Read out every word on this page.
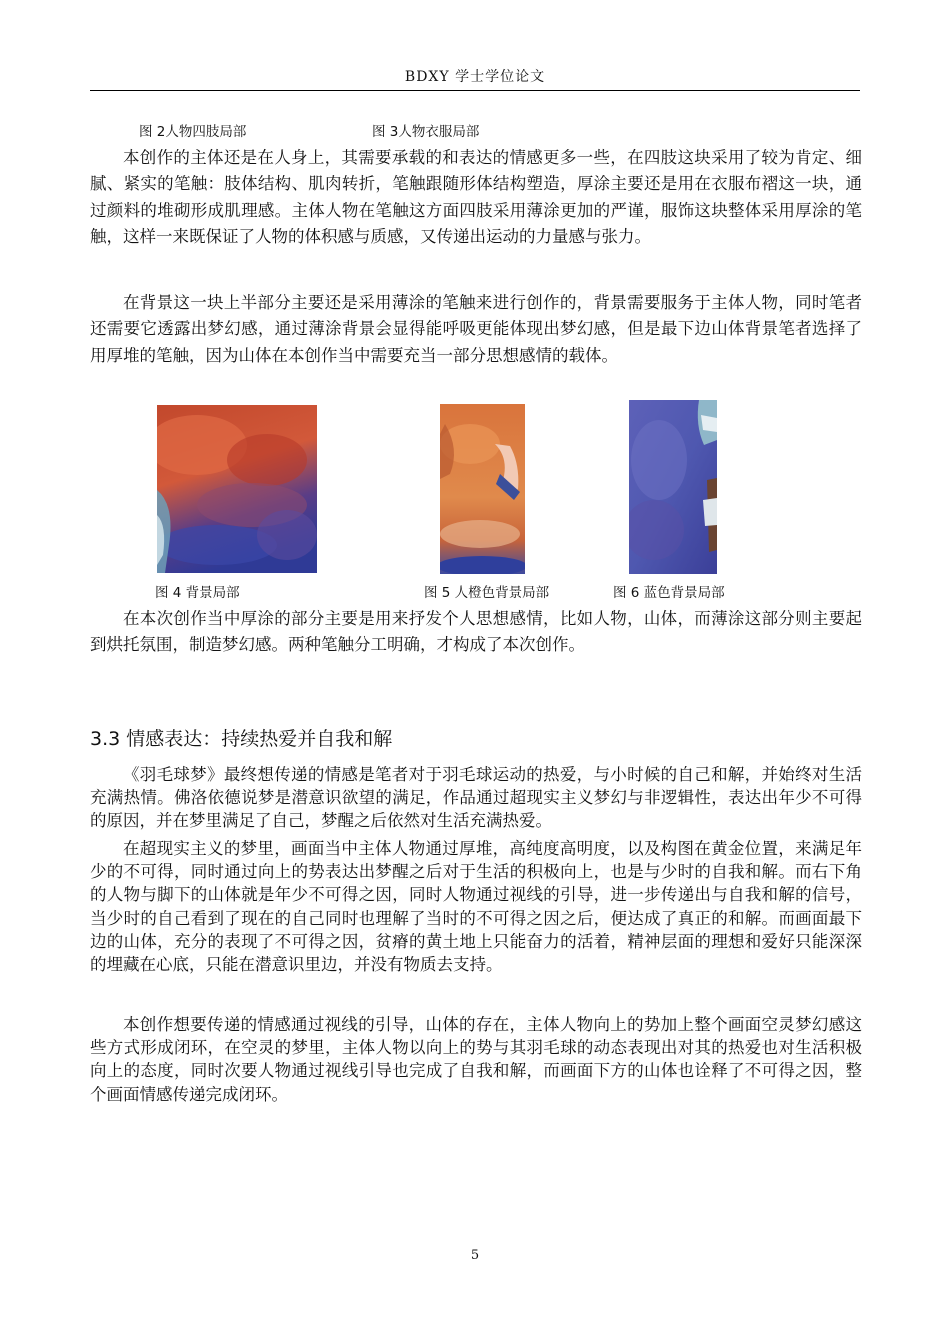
BDXY 学士学位论文
图 2人物四肢局部	图 3人物衣服局部

本创作的主体还是在人身上，其需要承载的和表达的情感更多一些，在四肢这块采用了较为肯定、细腻、紧实的笔触：肢体结构、肌肉转折，笔触跟随形体结构塑造，厚涂主要还是用在衣服布褶这一块，通过颜料的堆砌形成肌理感。主体人物在笔触这方面四肢采用薄涂更加的严谨，服饰这块整体采用厚涂的笔触，这样一来既保证了人物的体积感与质感，又传递出运动的力量感与张力。

在背景这一块上半部分主要还是采用薄涂的笔触来进行创作的，背景需要服务于主体人物，同时笔者还需要它透露出梦幻感，通过薄涂背景会显得能呼吸更能体现出梦幻感，但是最下边山体背景笔者选择了用厚堆的笔触，因为山体在本创作当中需要充当一部分思想感情的载体。

图 4 背景局部	图 5 人橙色背景局部	图 6 蓝色背景局部

在本次创作当中厚涂的部分主要是用来抒发个人思想感情，比如人物，山体，而薄涂这部分则主要起到烘托氛围，制造梦幻感。两种笔触分工明确，才构成了本次创作。

3.3 情感表达：持续热爱并自我和解

《羽毛球梦》最终想传递的情感是笔者对于羽毛球运动的热爱，与小时候的自己和解，并始终对生活充满热情。佛洛依德说梦是潜意识欲望的满足，作品通过超现实主义梦幻与非逻辑性，表达出年少不可得的原因，并在梦里满足了自己，梦醒之后依然对生活充满热爱。

在超现实主义的梦里，画面当中主体人物通过厚堆，高纯度高明度，以及构图在黄金位置，来满足年少的不可得，同时通过向上的势表达出梦醒之后对于生活的积极向上，也是与少时的自我和解。而右下角的人物与脚下的山体就是年少不可得之因，同时人物通过视线的引导，进一步传递出与自我和解的信号，当少时的自己看到了现在的自己同时也理解了当时的不可得之因之后，便达成了真正的和解。而画面最下边的山体，充分的表现了不可得之因，贫瘠的黄土地上只能奋力的活着，精神层面的理想和爱好只能深深的埋藏在心底，只能在潜意识里边，并没有物质去支持。

本创作想要传递的情感通过视线的引导，山体的存在，主体人物向上的势加上整个画面空灵梦幻感这些方式形成闭环，在空灵的梦里，主体人物以向上的势与其羽毛球的动态表现出对其的热爱也对生活积极向上的态度，同时次要人物通过视线引导也完成了自我和解，而画面下方的山体也诠释了不可得之因，整个画面情感传递完成闭环。

5
